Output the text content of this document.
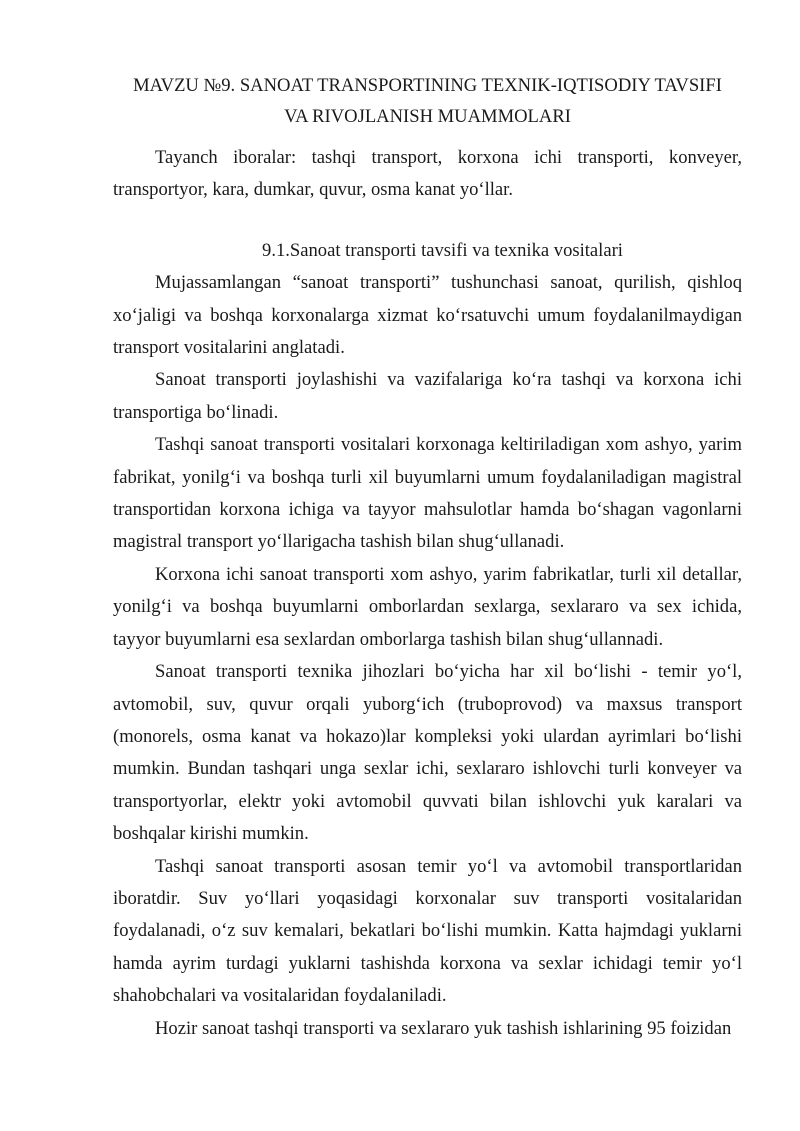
MAVZU №9. SANOAT TRANSPORTINING TEXNIK-IQTISODIY TAVSIFI
VA RIVOJLANISH MUAMMOLARI

Tayanch iboralar: tashqi transport, korxona ichi transporti, konveyer, transportyor, kara, dumkar, quvur, osma kanat yo‘llar.

9.1.Sanoat transporti tavsifi va texnika vositalari

Mujassamlangan “sanoat transporti” tushunchasi sanoat, qurilish, qishloq xo‘jaligi va boshqa korxonalarga xizmat ko‘rsatuvchi umum foydalanilmaydigan transport vositalarini anglatadi.

Sanoat transporti joylashishi va vazifalariga ko‘ra tashqi va korxona ichi transportiga bo‘linadi.

Tashqi sanoat transporti vositalari korxonaga keltiriladigan xom ashyo, yarim fabrikat, yonilg‘i va boshqa turli xil buyumlarni umum foydalaniladigan magistral transportidan korxona ichiga va tayyor mahsulotlar hamda bo‘shagan vagonlarni magistral transport yo‘llarigacha tashish bilan shug‘ullanadi.

Korxona ichi sanoat transporti xom ashyo, yarim fabrikatlar, turli xil detallar, yonilg‘i va boshqa buyumlarni omborlardan sexlarga, sexlararo va sex ichida, tayyor buyumlarni esa sexlardan omborlarga tashish bilan shug‘ullannadi.

Sanoat transporti texnika jihozlari bo‘yicha har xil bo‘lishi - temir yo‘l, avtomobil, suv, quvur orqali yuborg‘ich (truboprovod) va maxsus transport (monorels, osma kanat va hokazo)lar kompleksi yoki ulardan ayrimlari bo‘lishi mumkin. Bundan tashqari unga sexlar ichi, sexlararo ishlovchi turli konveyer va transportyorlar, elektr yoki avtomobil quvvati bilan ishlovchi yuk karalari va boshqalar kirishi mumkin.

Tashqi sanoat transporti asosan temir yo‘l va avtomobil transportlaridan iboratdir. Suv yo‘llari yoqasidagi korxonalar suv transporti vositalaridan foydalanadi, o‘z suv kemalari, bekatlari bo‘lishi mumkin. Katta hajmdagi yuklarni hamda ayrim turdagi yuklarni tashishda korxona va sexlar ichidagi temir yo‘l shahobchalari va vositalaridan foydalaniladi.

Hozir sanoat tashqi transporti va sexlararo yuk tashish ishlarining 95 foizidan
